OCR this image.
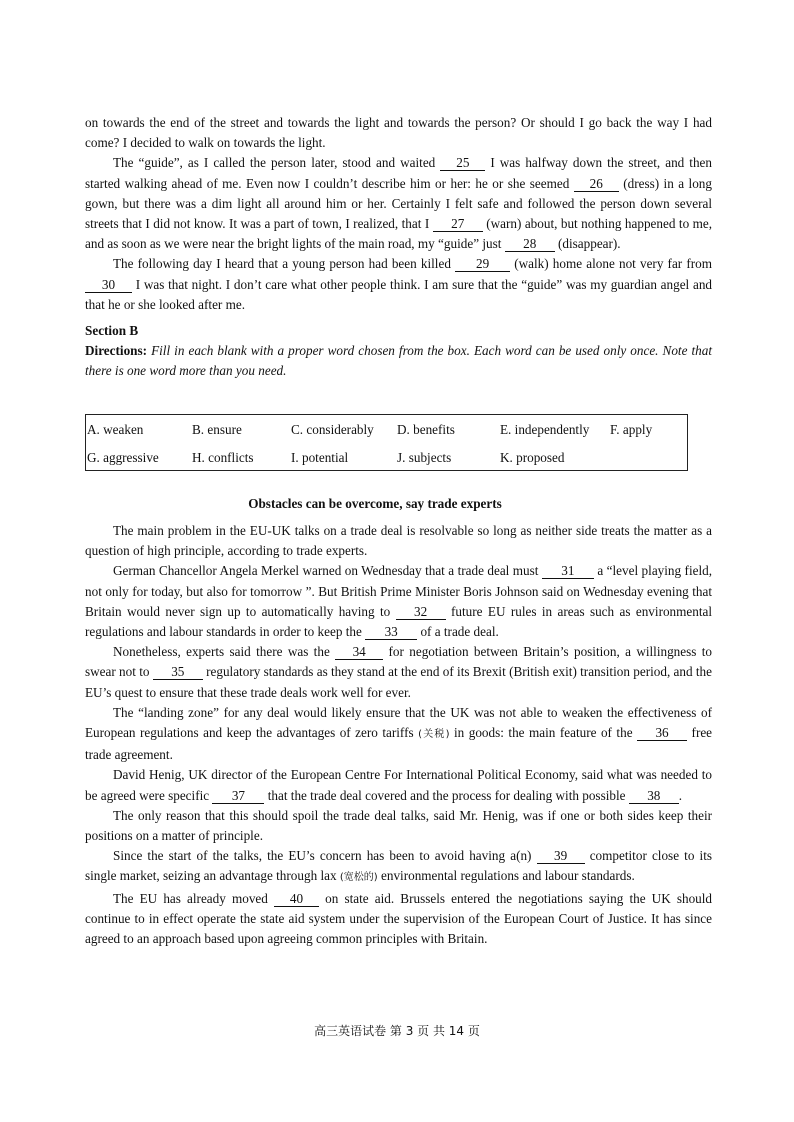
on towards the end of the street and towards the light and towards the person? Or should I go back the way I had come? I decided to walk on towards the light.

The “guide”, as I called the person later, stood and waited 25 I was halfway down the street, and then started walking ahead of me. Even now I couldn’t describe him or her: he or she seemed 26 (dress) in a long gown, but there was a dim light all around him or her. Certainly I felt safe and followed the person down several streets that I did not know. It was a part of town, I realized, that I 27 (warn) about, but nothing happened to me, and as soon as we were near the bright lights of the main road, my “guide” just 28 (disappear).

The following day I heard that a young person had been killed 29 (walk) home alone not very far from 30 I was that night. I don’t care what other people think. I am sure that the “guide” was my guardian angel and that he or she looked after me.

Section B

Directions: Fill in each blank with a proper word chosen from the box. Each word can be used only once. Note that there is one word more than you need.

A. weaken	B. ensure	C. considerably D. benefits	E. independently F. apply
G. aggressive	H. conflicts	I. potential	J. subjects	K. proposed
Obstacles can be overcome, say trade experts

The main problem in the EU-UK talks on a trade deal is resolvable so long as neither side treats the matter as a question of high principle, according to trade experts.

German Chancellor Angela Merkel warned on Wednesday that a trade deal must 31 a “level playing field, not only for today, but also for tomorrow ”. But British Prime Minister Boris Johnson said on Wednesday evening that Britain would never sign up to automatically having to 32 future EU rules in areas such as environmental regulations and labour standards in order to keep the 33 of a trade deal.

Nonetheless, experts said there was the 34 for negotiation between Britain’s position, a willingness to swear not to 35 regulatory standards as they stand at the end of its Brexit (British exit) transition period, and the EU’s quest to ensure that these trade deals work well for ever.

The “landing zone” for any deal would likely ensure that the UK was not able to weaken the effectiveness of European regulations and keep the advantages of zero tariffs (关税) in goods: the main feature of the 36 free trade agreement.

David Henig, UK director of the European Centre For International Political Economy, said what was needed to be agreed were specific 37 that the trade deal covered and the process for dealing with possible 38 .

The only reason that this should spoil the trade deal talks, said Mr. Henig, was if one or both sides keep their positions on a matter of principle.

Since the start of the talks, the EU’s concern has been to avoid having a(n) 39 competitor close to its single market, seizing an advantage through lax (宽松的) environmental regulations and labour standards.

The EU has already moved 40 on state aid. Brussels entered the negotiations saying the UK should continue to in effect operate the state aid system under the supervision of the European Court of Justice. It has since agreed to an approach based upon agreeing common principles with Britain.

高三英语试卷 第 3 页 共 14 页
